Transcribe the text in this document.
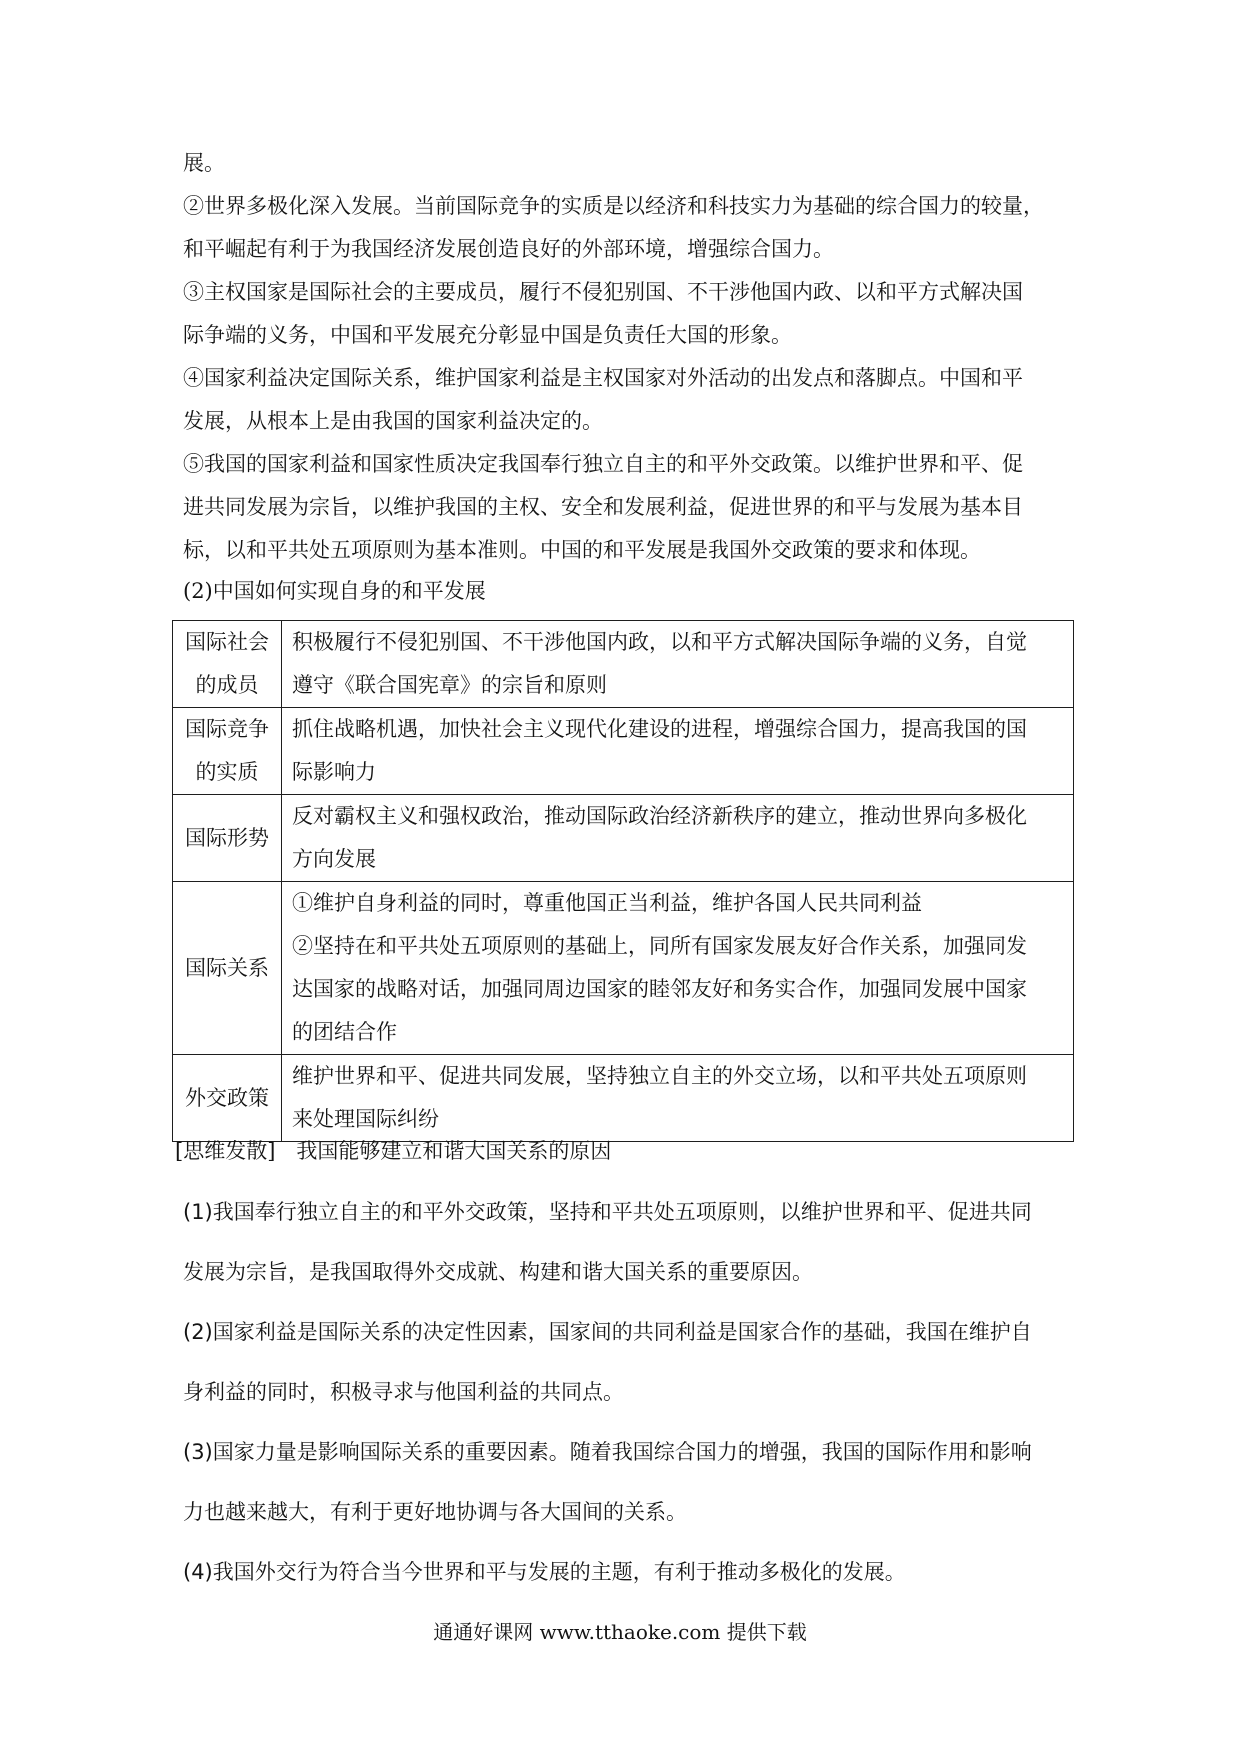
展。
②世界多极化深入发展。当前国际竞争的实质是以经济和科技实力为基础的综合国力的较量，
和平崛起有利于为我国经济发展创造良好的外部环境，增强综合国力。
③主权国家是国际社会的主要成员，履行不侵犯别国、不干涉他国内政、以和平方式解决国
际争端的义务，中国和平发展充分彰显中国是负责任大国的形象。
④国家利益决定国际关系，维护国家利益是主权国家对外活动的出发点和落脚点。中国和平
发展，从根本上是由我国的国家利益决定的。
⑤我国的国家利益和国家性质决定我国奉行独立自主的和平外交政策。以维护世界和平、促
进共同发展为宗旨，以维护我国的主权、安全和发展利益，促进世界的和平与发展为基本目
标，以和平共处五项原则为基本准则。中国的和平发展是我国外交政策的要求和体现。

(2)中国如何实现自身的和平发展

国际社会
的成员	积极履行不侵犯别国、不干涉他国内政，以和平方式解决国际争端的义务，自觉
遵守《联合国宪章》的宗旨和原则

国际竞争
的实质	抓住战略机遇，加快社会主义现代化建设的进程，增强综合国力，提高我国的国
际影响力

国际形势	反对霸权主义和强权政治，推动国际政治经济新秩序的建立，推动世界向多极化
方向发展

国际关系	①维护自身利益的同时，尊重他国正当利益，维护各国人民共同利益
②坚持在和平共处五项原则的基础上，同所有国家发展友好合作关系，加强同发
达国家的战略对话，加强同周边国家的睦邻友好和务实合作，加强同发展中国家
的团结合作

外交政策	维护世界和平、促进共同发展，坚持独立自主的外交立场，以和平共处五项原则
来处理国际纠纷

[思维发散]　我国能够建立和谐大国关系的原因

(1)我国奉行独立自主的和平外交政策，坚持和平共处五项原则，以维护世界和平、促进共同
发展为宗旨，是我国取得外交成就、构建和谐大国关系的重要原因。
(2)国家利益是国际关系的决定性因素，国家间的共同利益是国家合作的基础，我国在维护自
身利益的同时，积极寻求与他国利益的共同点。
(3)国家力量是影响国际关系的重要因素。随着我国综合国力的增强，我国的国际作用和影响
力也越来越大，有利于更好地协调与各大国间的关系。
(4)我国外交行为符合当今世界和平与发展的主题，有利于推动多极化的发展。

通通好课网 www.tthaoke.com 提供下载
